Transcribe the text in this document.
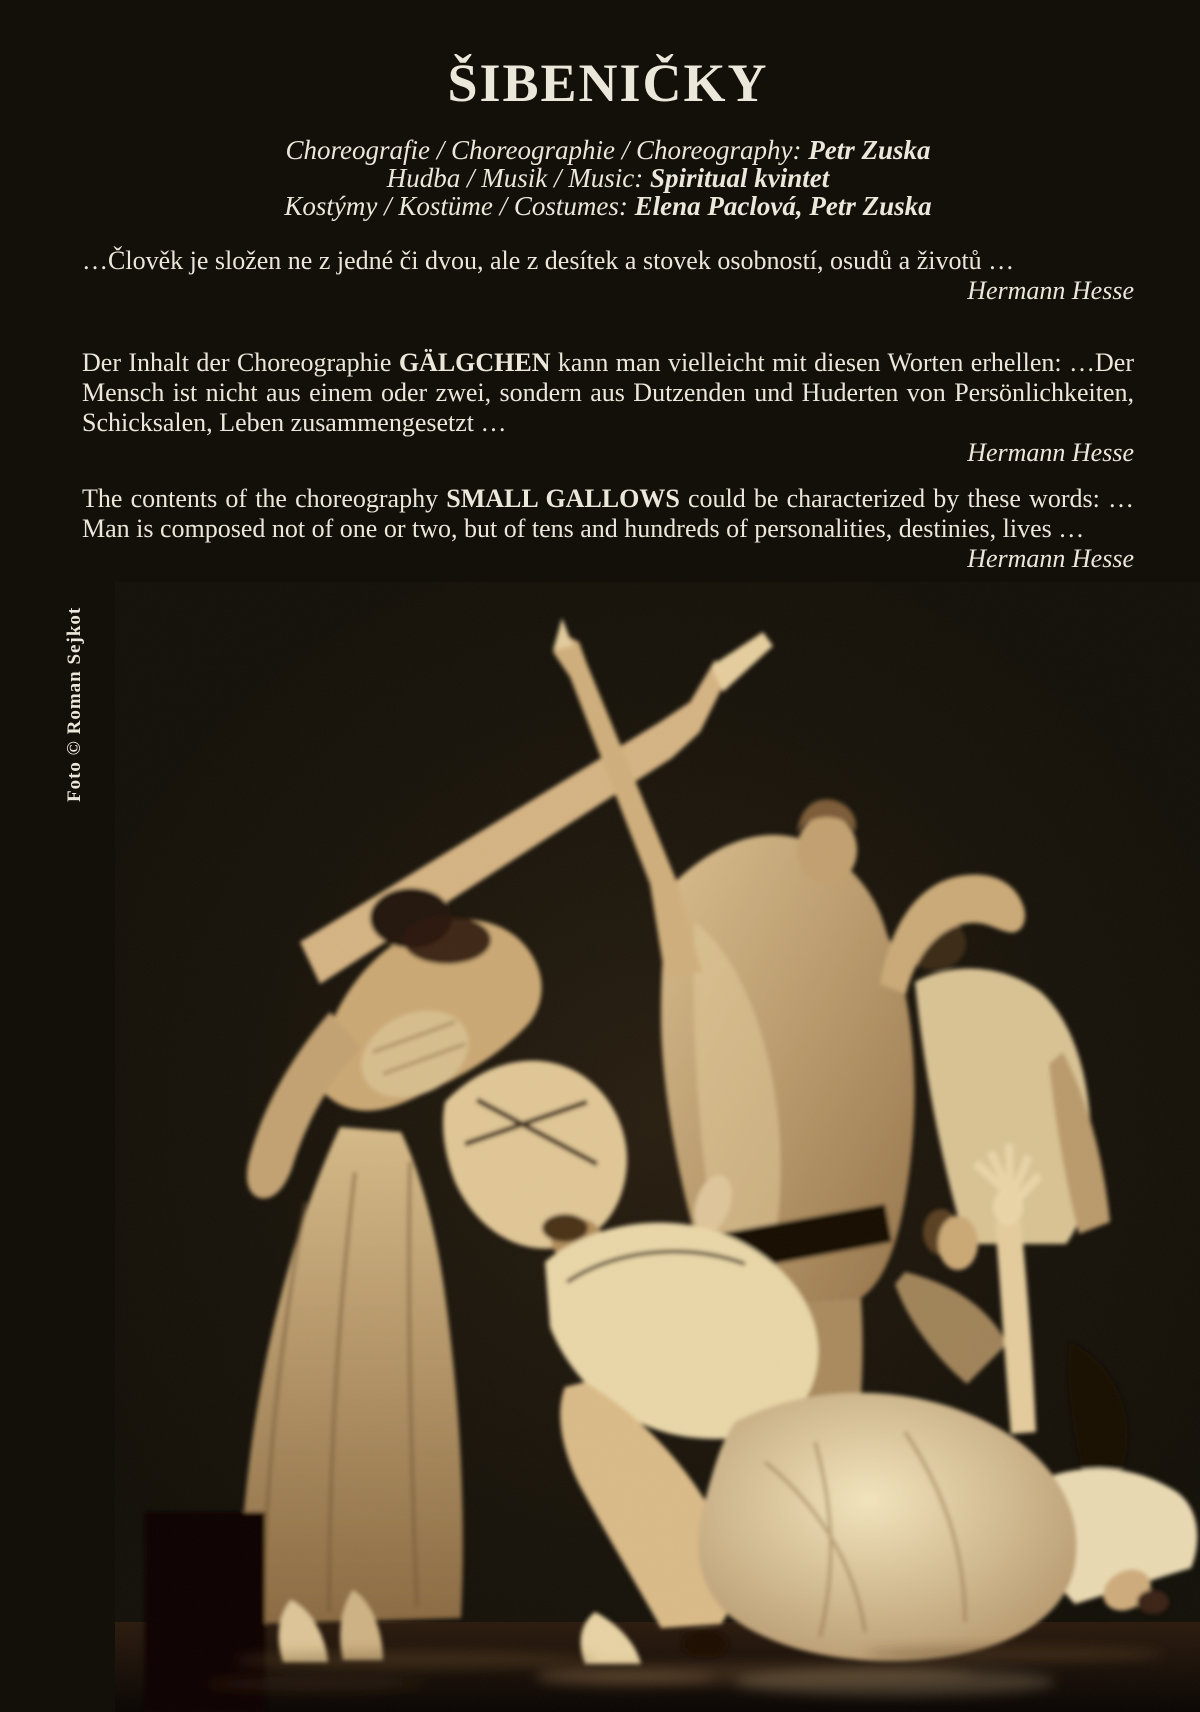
ŠIBENIČKY
Choreografie / Choreographie / Choreography: Petr Zuska
Hudba / Musik / Music: Spiritual kvintet
Kostýmy / Kostüme / Costumes: Elena Paclová, Petr Zuska

…Člověk je složen ne z jedné či dvou, ale z desítek a stovek osobností, osudů a životů …

Hermann Hesse

Der Inhalt der Choreographie GÄLGCHEN kann man vielleicht mit diesen Worten erhellen: …Der Mensch ist nicht aus einem oder zwei, sondern aus Dutzenden und Huderten von Persönlichkeiten, Schicksalen, Leben zusammengesetzt …

Hermann Hesse

The contents of the choreography SMALL GALLOWS could be characterized by these words: …Man is composed not of one or two, but of tens and hundreds of personalities, destinies, lives …

Hermann Hesse

Foto © Roman Sejkot
